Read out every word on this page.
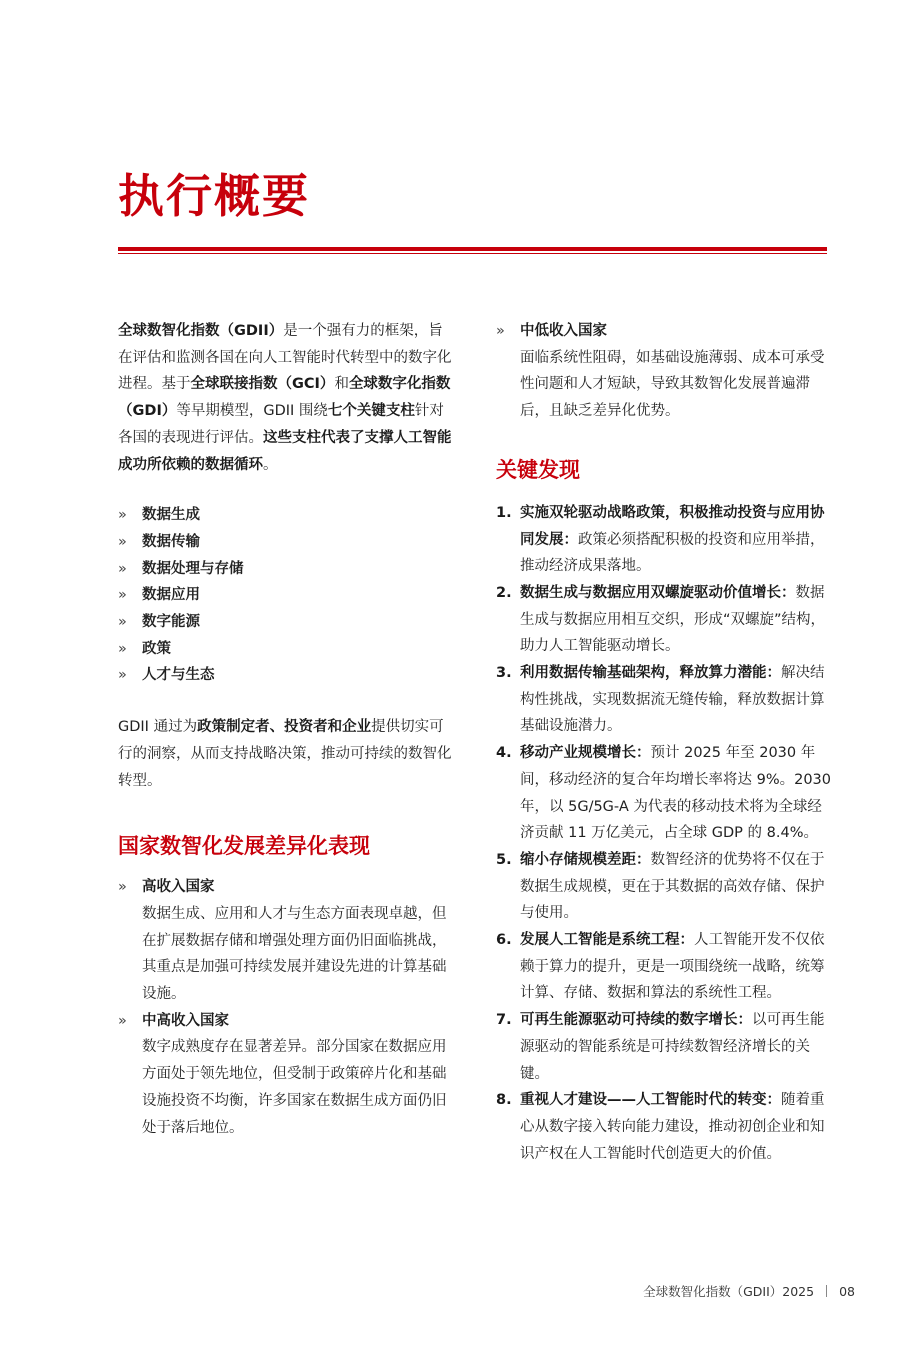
执行概要

全球数智化指数（GDII）是一个强有力的框架，旨在评估和监测各国在向人工智能时代转型中的数字化进程。基于全球联接指数（GCI）和全球数字化指数（GDI）等早期模型，GDII 围绕七个关键支柱针对各国的表现进行评估。这些支柱代表了支撑人工智能成功所依赖的数据循环。

» 数据生成
» 数据传输
» 数据处理与存储
» 数据应用
» 数字能源
» 政策
» 人才与生态

GDII 通过为政策制定者、投资者和企业提供切实可行的洞察，从而支持战略决策，推动可持续的数智化转型。

国家数智化发展差异化表现
» 高收入国家
数据生成、应用和人才与生态方面表现卓越，但在扩展数据存储和增强处理方面仍旧面临挑战，其重点是加强可持续发展并建设先进的计算基础设施。
» 中高收入国家
数字成熟度存在显著差异。部分国家在数据应用方面处于领先地位，但受制于政策碎片化和基础设施投资不均衡，许多国家在数据生成方面仍旧处于落后地位。
» 中低收入国家
面临系统性阻碍，如基础设施薄弱、成本可承受性问题和人才短缺，导致其数智化发展普遍滞后，且缺乏差异化优势。
关键发现
1. 实施双轮驱动战略政策，积极推动投资与应用协同发展：政策必须搭配积极的投资和应用举措，推动经济成果落地。
2. 数据生成与数据应用双螺旋驱动价值增长：数据生成与数据应用相互交织，形成“双螺旋”结构，助力人工智能驱动增长。
3. 利用数据传输基础架构，释放算力潜能：解决结构性挑战，实现数据流无缝传输，释放数据计算基础设施潜力。
4. 移动产业规模增长：预计 2025 年至 2030 年间，移动经济的复合年均增长率将达 9%。2030 年，以 5G/5G-A 为代表的移动技术将为全球经济贡献 11 万亿美元，占全球 GDP 的 8.4%。
5. 缩小存储规模差距：数智经济的优势将不仅在于数据生成规模，更在于其数据的高效存储、保护与使用。
6. 发展人工智能是系统工程：人工智能开发不仅依赖于算力的提升，更是一项围绕统一战略，统筹计算、存储、数据和算法的系统性工程。
7. 可再生能源驱动可持续的数字增长：以可再生能源驱动的智能系统是可持续数智经济增长的关键。
8. 重视人才建设——人工智能时代的转变：随着重心从数字接入转向能力建设，推动初创企业和知识产权在人工智能时代创造更大的价值。
全球数智化指数（GDII）2025 08
